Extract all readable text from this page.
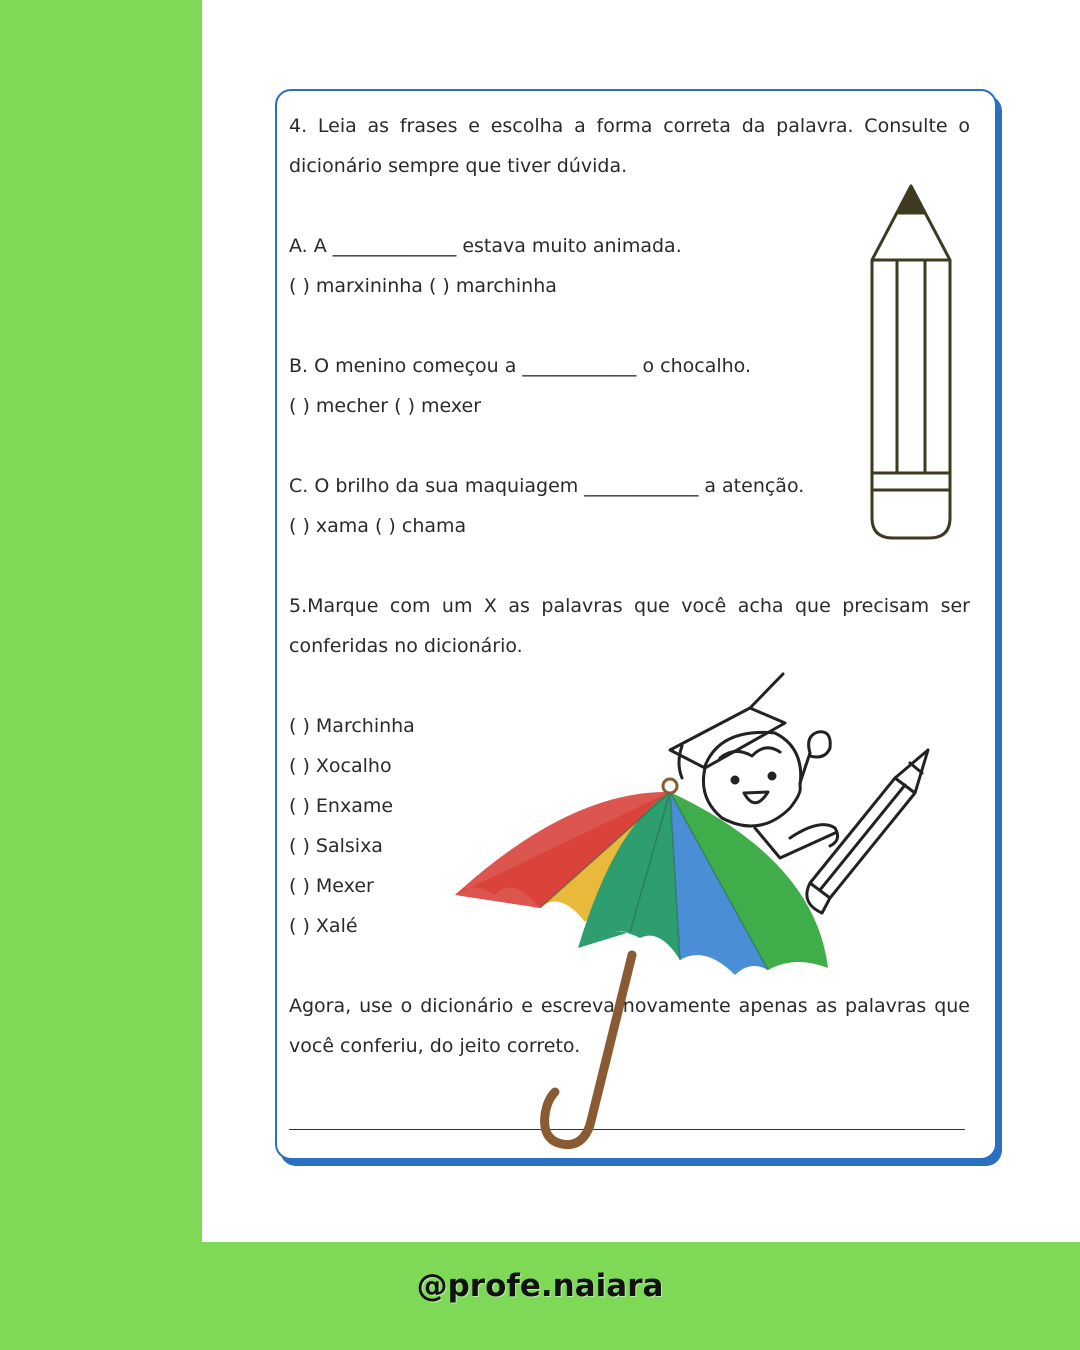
4. Leia as frases e escolha a forma correta da palavra. Consulte o dicionário sempre que tiver dúvida.

A. A _____________ estava muito animada.

( ) marxininha ( ) marchinha

B. O menino começou a ____________ o chocalho.

( ) mecher ( ) mexer

C. O brilho da sua maquiagem ____________ a atenção.

( ) xama ( ) chama

5.Marque com um X as palavras que você acha que precisam ser conferidas no dicionário.

( ) Marchinha

( ) Xocalho

( ) Enxame

( ) Salsixa

( ) Mexer

( ) Xalé

Agora, use o dicionário e escreva novamente apenas as palavras que você conferiu, do jeito correto.

@profe.naiara
